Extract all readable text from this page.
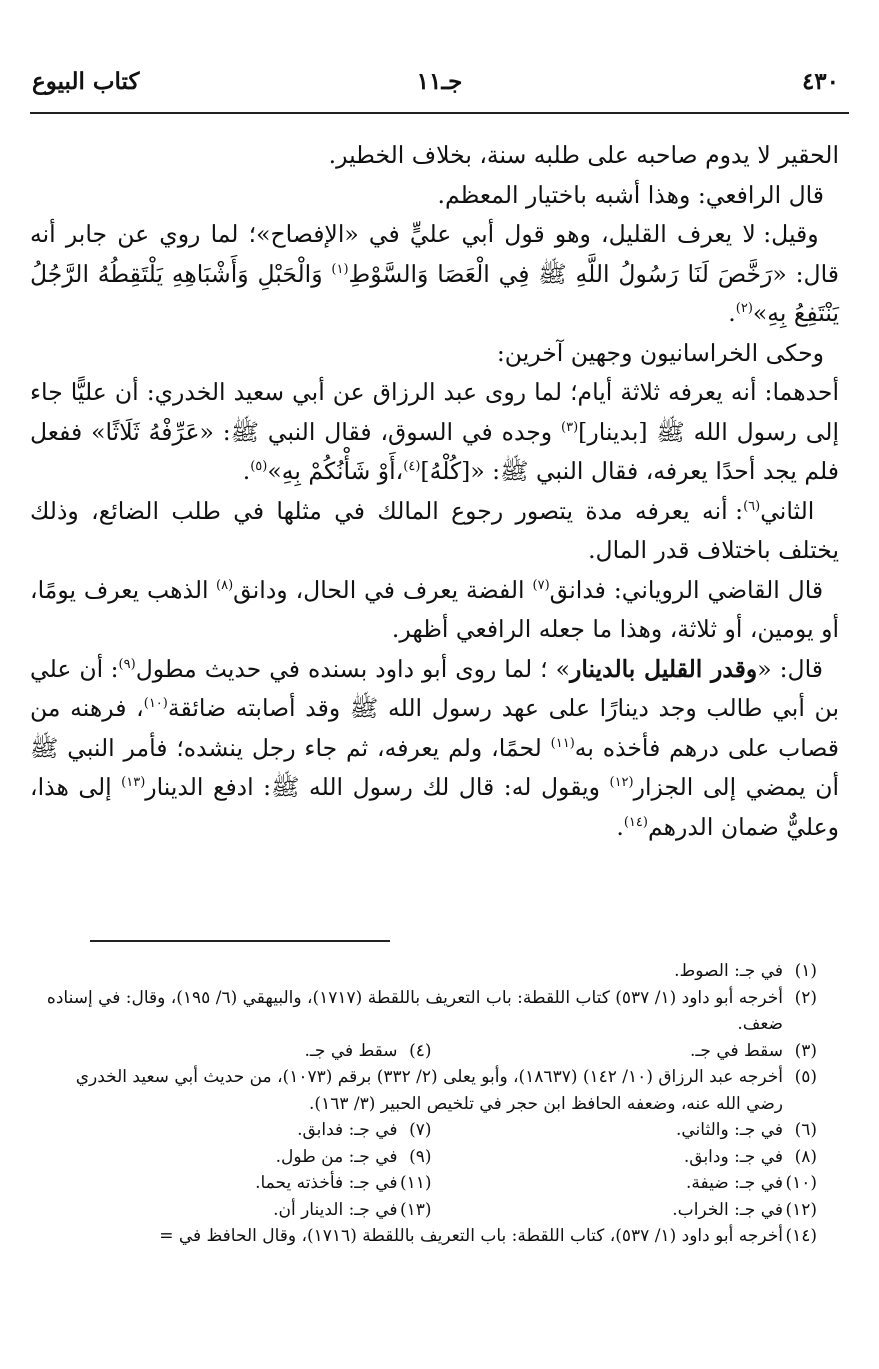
٤٣٠
جـ١١
كتاب البيوع

الحقير لا يدوم صاحبه على طلبه سنة، بخلاف الخطير.

قال الرافعي: وهذا أشبه باختيار المعظم.

وقيل: لا يعرف القليل، وهو قول أبي عليٍّ في «الإفصاح»؛ لما روي عن جابر أنه قال: «رَخَّصَ لَنَا رَسُولُ اللَّهِ ﷺ فِي الْعَصَا وَالسَّوْطِ$^{(١)}$ وَالْحَبْلِ وَأَشْبَاهِهِ يَلْتَقِطُهُ الرَّجُلُ يَنْتَفِعُ بِهِ»$^{(٢)}$.

وحكى الخراسانيون وجهين آخرين:

أحدهما: أنه يعرفه ثلاثة أيام؛ لما روى عبد الرزاق عن أبي سعيد الخدري: أن عليًّا جاء إلى رسول الله ﷺ [بدينار]$^{(٣)}$ وجده في السوق، فقال النبي ﷺ: «عَرِّفْهُ ثَلَاثًا» ففعل فلم يجد أحدًا يعرفه، فقال النبي ﷺ: «[كُلْهُ]$^{(٤)}$،أَوْ شَأْنُكُمْ بِهِ»$^{(٥)}$.

الثاني$^{(٦)}$: أنه يعرفه مدة يتصور رجوع المالك في مثلها في طلب الضائع، وذلك يختلف باختلاف قدر المال.

قال القاضي الروياني: فدانق$^{(٧)}$ الفضة يعرف في الحال، ودانق$^{(٨)}$ الذهب يعرف يومًا، أو يومين، أو ثلاثة، وهذا ما جعله الرافعي أظهر.

قال: «وقدر القليل بالدينار» ؛ لما روى أبو داود بسنده في حديث مطول$^{(٩)}$: أن علي بن أبي طالب وجد دينارًا على عهد رسول الله ﷺ وقد أصابته ضائقة$^{(١٠)}$، فرهنه من قصاب على درهم فأخذه به$^{(١١)}$ لحمًا، ولم يعرفه، ثم جاء رجل ينشده؛ فأمر النبي ﷺ أن يمضي إلى الجزار$^{(١٢)}$ ويقول له: قال لك رسول الله ﷺ: ادفع الدينار$^{(١٣)}$ إلى هذا، وعليٌّ ضمان الدرهم$^{(١٤)}$.

(١)
في جـ: الصوط.
(٢)
أخرجه أبو داود (١/ ٥٣٧) كتاب اللقطة: باب التعريف باللقطة (١٧١٧)، والبيهقي (٦/ ١٩٥)، وقال: في إسناده ضعف.
(٣)
سقط في جـ.
(٤)
سقط في جـ.
(٥)
أخرجه عبد الرزاق (١٠/ ١٤٢) (١٨٦٣٧)، وأبو يعلى (٢/ ٣٣٢) برقم (١٠٧٣)، من حديث أبي سعيد الخدري رضي الله عنه، وضعفه الحافظ ابن حجر في تلخيص الحبير (٣/ ١٦٣).
(٦)
في جـ: والثاني.
(٧)
في جـ: فدابق.
(٨)
في جـ: ودابق.
(٩)
في جـ: من طول.
(١٠)
في جـ: ضيفة.
(١١)
في جـ: فأخذته يحما.
(١٢)
في جـ: الخراب.
(١٣)
في جـ: الدينار أن.
(١٤)
أخرجه أبو داود (١/ ٥٣٧)، كتاب اللقطة: باب التعريف باللقطة (١٧١٦)، وقال الحافظ في =
